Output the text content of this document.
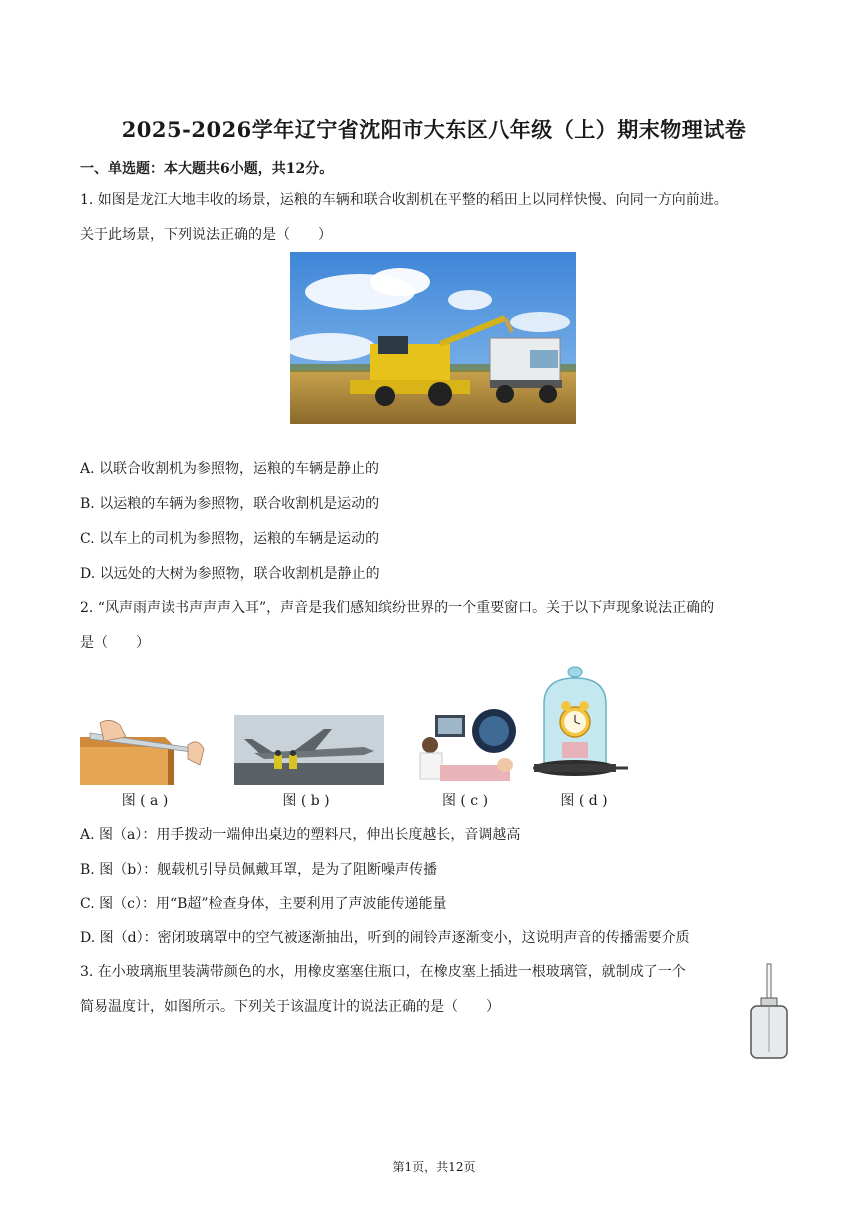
2025-2026学年辽宁省沈阳市大东区八年级（上）期末物理试卷
一、单选题：本大题共6小题，共12分。
1. 如图是龙江大地丰收的场景，运粮的车辆和联合收割机在平整的稻田上以同样快慢、向同一方向前进。
关于此场景，下列说法正确的是（　　）
A. 以联合收割机为参照物，运粮的车辆是静止的
B. 以运粮的车辆为参照物，联合收割机是运动的
C. 以车上的司机为参照物，运粮的车辆是运动的
D. 以远处的大树为参照物，联合收割机是静止的
2. “风声雨声读书声声声入耳”，声音是我们感知缤纷世界的一个重要窗口。关于以下声现象说法正确的
是（　　）
图 ( a )	图 ( b )	图 ( c )	图 ( d )
A. 图（a）：用手拨动一端伸出桌边的塑料尺，伸出长度越长，音调越高
B. 图（b）：舰载机引导员佩戴耳罩，是为了阻断噪声传播
C. 图（c）：用“B超”检查身体，主要利用了声波能传递能量
D. 图（d）：密闭玻璃罩中的空气被逐渐抽出，听到的闹铃声逐渐变小，这说明声音的传播需要介质
3. 在小玻璃瓶里装满带颜色的水，用橡皮塞塞住瓶口，在橡皮塞上插进一根玻璃管，就制成了一个
简易温度计，如图所示。下列关于该温度计的说法正确的是（　　）
第1页，共12页
